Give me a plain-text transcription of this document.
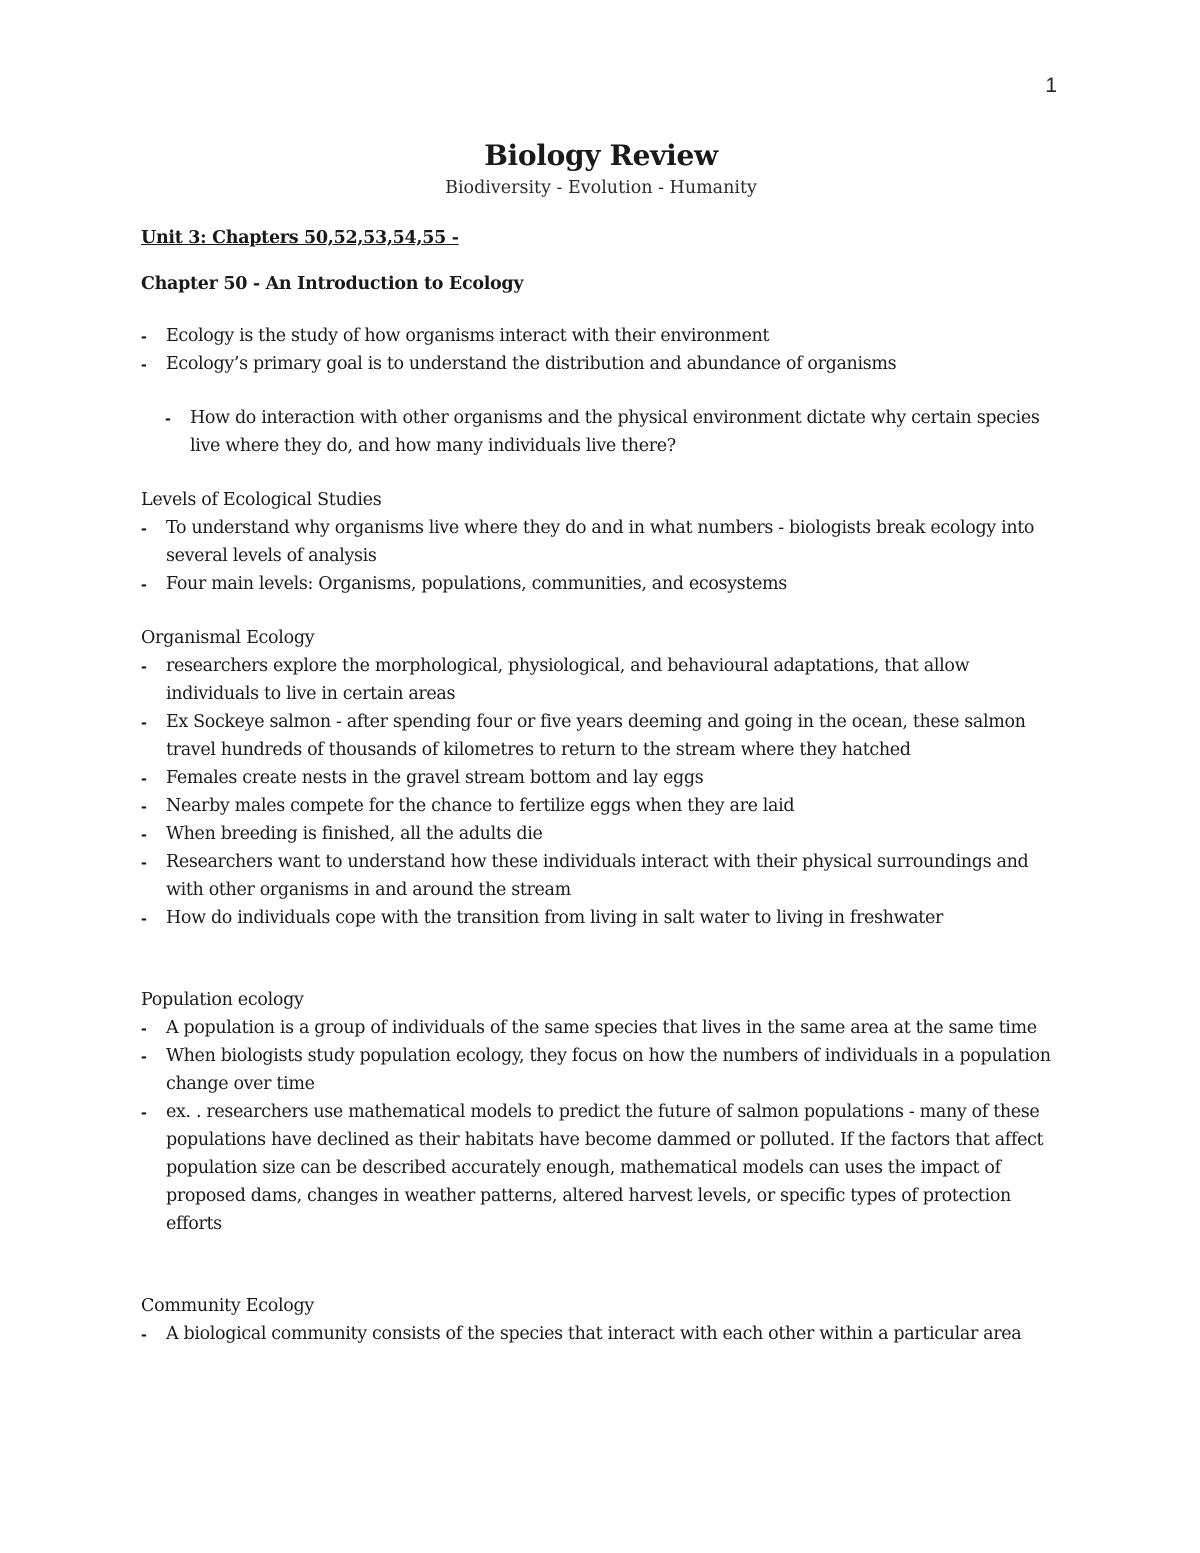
1
Biology Review

Biodiversity - Evolution - Humanity

Unit 3: Chapters 50,52,53,54,55 -

Chapter 50 - An Introduction to Ecology

- Ecology is the study of how organisms interact with their environment
- Ecology’s primary goal is to understand the distribution and abundance of organisms
- How do interaction with other organisms and the physical environment dictate why certain species live where they do, and how many individuals live there?

Levels of Ecological Studies

- To understand why organisms live where they do and in what numbers - biologists break ecology into several levels of analysis
- Four main levels: Organisms, populations, communities, and ecosystems

Organismal Ecology

- researchers explore the morphological, physiological, and behavioural adaptations, that allow individuals to live in certain areas
- Ex Sockeye salmon - after spending four or five years deeming and going in the ocean, these salmon travel hundreds of thousands of kilometres to return to the stream where they hatched
- Females create nests in the gravel stream bottom and lay eggs
- Nearby males compete for the chance to fertilize eggs when they are laid
- When breeding is finished, all the adults die
- Researchers want to understand how these individuals interact with their physical surroundings and with other organisms in and around the stream
- How do individuals cope with the transition from living in salt water to living in freshwater

Population ecology

- A population is a group of individuals of the same species that lives in the same area at the same time
- When biologists study population ecology, they focus on how the numbers of individuals in a population change over time
- ex. . researchers use mathematical models to predict the future of salmon populations - many of these populations have declined as their habitats have become dammed or polluted. If the factors that affect population size can be described accurately enough, mathematical models can uses the impact of proposed dams, changes in weather patterns, altered harvest levels, or specific types of protection efforts

Community Ecology

- A biological community consists of the species that interact with each other within a particular area
